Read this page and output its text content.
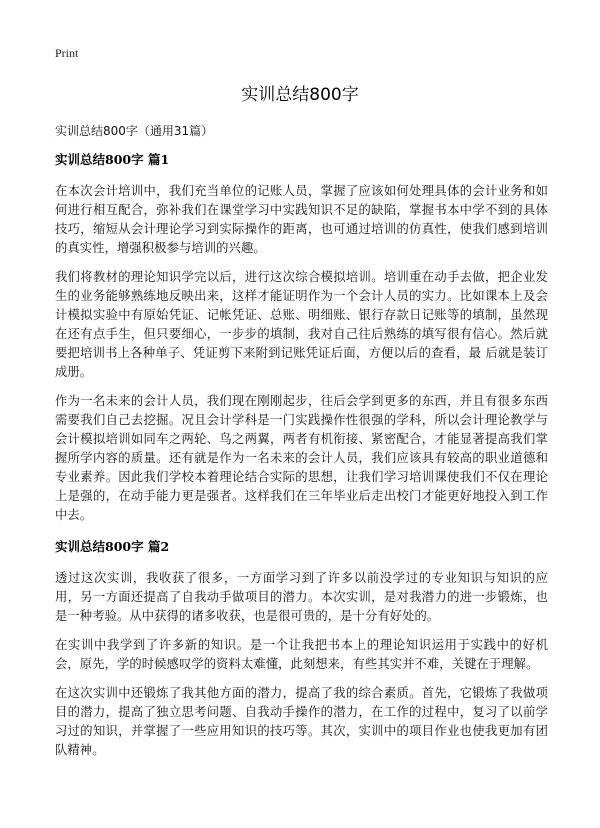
Print
实训总结800字
实训总结800字（通用31篇）
实训总结800字 篇1

在本次会计培训中，我们充当单位的记账人员，掌握了应该如何处理具体的会计业务和如何进行相互配合，弥补我们在课堂学习中实践知识不足的缺陷，掌握书本中学不到的具体技巧，缩短从会计理论学习到实际操作的距离，也可通过培训的仿真性，使我们感到培训的真实性，增强积极参与培训的兴趣。

我们将教材的理论知识学完以后，进行这次综合模拟培训。培训重在动手去做，把企业发生的业务能够熟练地反映出来，这样才能证明作为一个会计人员的实力。比如课本上及会计模拟实验中有原始凭证、记帐凭证、总账、明细账、银行存款日记账等的填制，虽然现在还有点手生，但只要细心，一步步的填制，我对自己往后熟练的填写很有信心。然后就要把培训书上各种单子、凭证剪下来附到记账凭证后面，方便以后的查看，最 后就是装订成册。

作为一名未来的会计人员，我们现在刚刚起步，往后会学到更多的东西，并且有很多东西需要我们自己去挖掘。况且会计学科是一门实践操作性很强的学科，所以会计理论教学与会计模拟培训如同车之两轮、鸟之两翼，两者有机衔接、紧密配合，才能显著提高我们掌握所学内容的质量。还有就是作为一名未来的会计人员，我们应该具有较高的职业道德和专业素养。因此我们学校本着理论结合实际的思想，让我们学习培训课使我们不仅在理论上是强的，在动手能力更是强者。这样我们在三年毕业后走出校门才能更好地投入到工作中去。

实训总结800字 篇2

透过这次实训，我收获了很多，一方面学习到了许多以前没学过的专业知识与知识的应用，另一方面还提高了自我动手做项目的潜力。本次实训，是对我潜力的进一步锻炼，也是一种考验。从中获得的诸多收获，也是很可贵的，是十分有好处的。

在实训中我学到了许多新的知识。是一个让我把书本上的理论知识运用于实践中的好机会，原先，学的时候感叹学的资料太难懂，此刻想来，有些其实并不难，关键在于理解。

在这次实训中还锻炼了我其他方面的潜力，提高了我的综合素质。首先，它锻炼了我做项目的潜力，提高了独立思考问题、自我动手操作的潜力，在工作的过程中，复习了以前学习过的知识，并掌握了一些应用知识的技巧等。其次，实训中的项目作业也使我更加有团队精神。
